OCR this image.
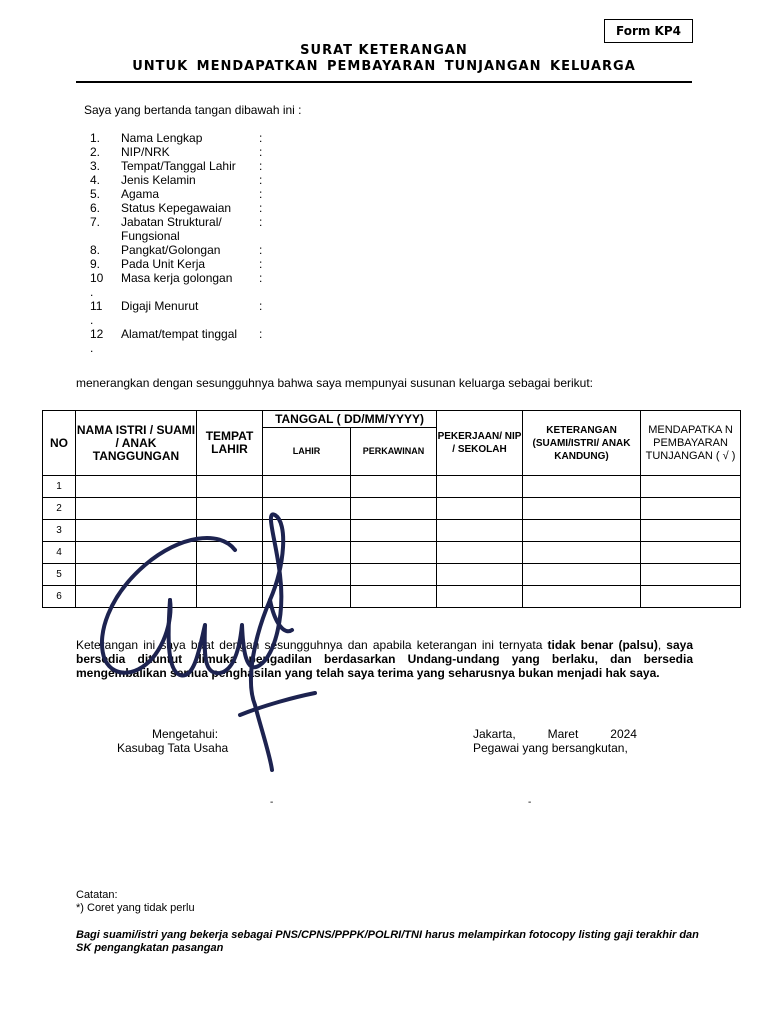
Form KP4
SURAT KETERANGAN
UNTUK MENDAPATKAN PEMBAYARAN TUNJANGAN KELUARGA
Saya yang bertanda tangan dibawah ini :
1. Nama Lengkap	:
2. NIP/NRK	:
3. Tempat/Tanggal Lahir :
4. Jenis Kelamin	:
5. Agama	:
6. Status Kepegawaian :
7. Jabatan Struktural/
Fungsional
:
8. Pangkat/Golongan	:
9. Pada Unit Kerja	:
10 Masa kerja golongan :
.
11 Digaji Menurut	:
.
12 Alamat/tempat tinggal :
.
menerangkan dengan sesungguhnya bahwa saya mempunyai susunan keluarga sebagai berikut:
NO	NAMA ISTRI / SUAMI / ANAK TANGGUNGAN	TEMPAT LAHIR	TANGGAL ( DD/MM/YYYY)		PEKERJAAN/ NIP / SEKOLAH	KETERANGAN (SUAMI/ISTRI/ ANAK KANDUNG)	MENDAPATKA N PEMBAYARAN TUNJANGAN ( √ )
			LAHIR	PERKAWINAN			
1							
2							
3							
4							
5							
6							
Keterangan ini saya buat dengan sesungguhnya dan apabila keterangan ini ternyata tidak benar (palsu), saya bersedia dituntut dimuka pengadilan berdasarkan Undang-undang yang berlaku, dan bersedia mengembalikan semua penghasilan yang telah saya terima yang seharusnya bukan menjadi hak saya.
Mengetahui:
Kasubag Tata Usaha
Jakarta,	Maret	2024
Pegawai yang bersangkutan,
-	-
Catatan:
*) Coret yang tidak perlu
Bagi suami/istri yang bekerja sebagai PNS/CPNS/PPPK/POLRI/TNI harus melampirkan fotocopy listing gaji terakhir dan SK pengangkatan pasangan
